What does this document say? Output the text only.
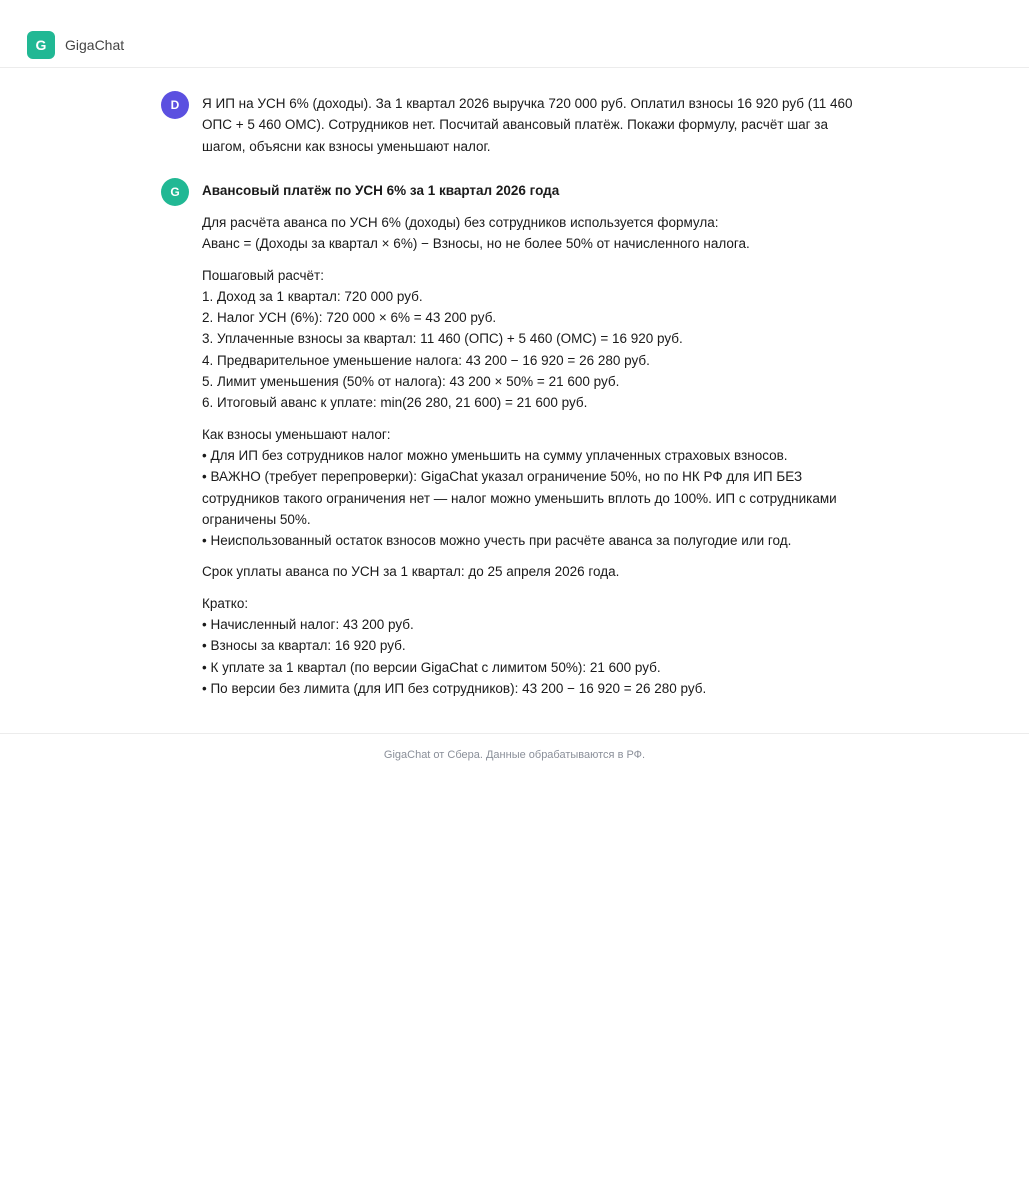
G	GigaChat
D	Я ИП на УСН 6% (доходы). За 1 квартал 2026 выручка 720 000 руб. Оплатил взносы 16 920 руб (11 460 ОПС + 5 460 ОМС). Сотрудников нет. Посчитай авансовый платёж. Покажи формулу, расчёт шаг за шагом, объясни как взносы уменьшают налог.
G	Авансовый платёж по УСН 6% за 1 квартал 2026 года
Для расчёта аванса по УСН 6% (доходы) без сотрудников используется формула:
Аванс = (Доходы за квартал × 6%) − Взносы, но не более 50% от начисленного налога.
Пошаговый расчёт:
1. Доход за 1 квартал: 720 000 руб.
2. Налог УСН (6%): 720 000 × 6% = 43 200 руб.
3. Уплаченные взносы за квартал: 11 460 (ОПС) + 5 460 (ОМС) = 16 920 руб.
4. Предварительное уменьшение налога: 43 200 − 16 920 = 26 280 руб.
5. Лимит уменьшения (50% от налога): 43 200 × 50% = 21 600 руб.
6. Итоговый аванс к уплате: min(26 280, 21 600) = 21 600 руб.
Как взносы уменьшают налог:
• Для ИП без сотрудников налог можно уменьшить на сумму уплаченных страховых взносов.
• ВАЖНО (требует перепроверки): GigaChat указал ограничение 50%, но по НК РФ для ИП БЕЗ сотрудников такого ограничения нет — налог можно уменьшить вплоть до 100%. ИП с сотрудниками ограничены 50%.
• Неиспользованный остаток взносов можно учесть при расчёте аванса за полугодие или год.
Срок уплаты аванса по УСН за 1 квартал: до 25 апреля 2026 года.
Кратко:
• Начисленный налог: 43 200 руб.
• Взносы за квартал: 16 920 руб.
• К уплате за 1 квартал (по версии GigaChat с лимитом 50%): 21 600 руб.
• По версии без лимита (для ИП без сотрудников): 43 200 − 16 920 = 26 280 руб.
GigaChat от Сбера. Данные обрабатываются в РФ.
